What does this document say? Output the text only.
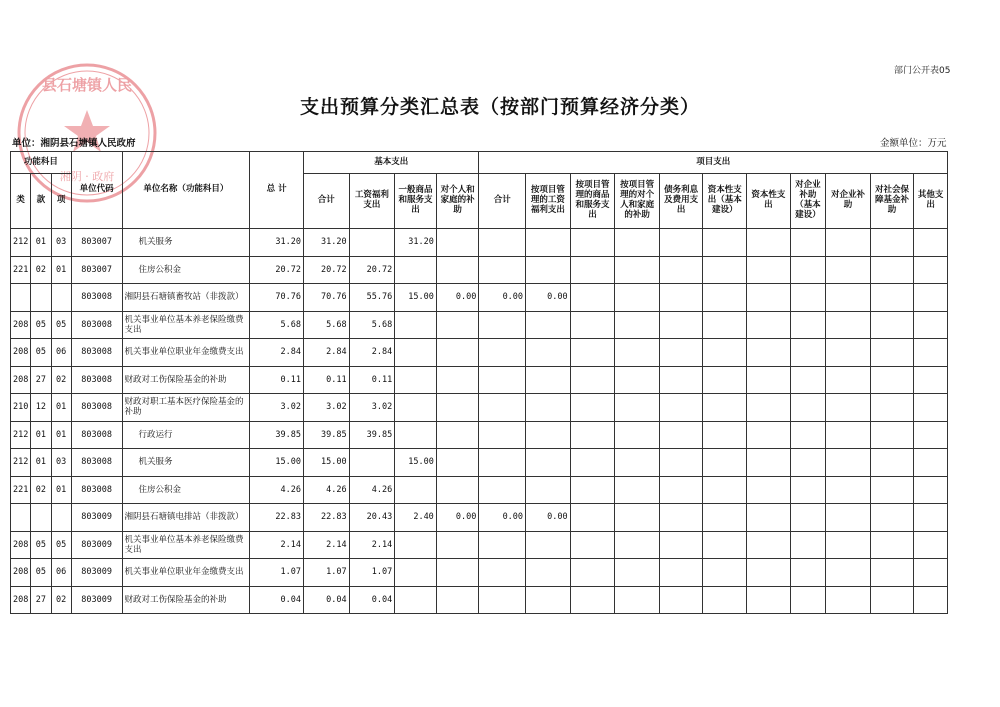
部门公开表05
县石塘镇人民
湘阴 · 政府
支出预算分类汇总表（按部门预算经济分类）
单位：湘阴县石塘镇人民政府	金额单位：万元
功能科目			单位代码	单位名称（功能科目）	总 计	基本支出				项目支出										
类	款	项				合计	工资福利支出	一般商品和服务支出	对个人和家庭的补助	合计	按项目管理的工资福利支出	按项目管理的商品和服务支出	按项目管理的对个人和家庭的补助	债务利息及费用支出	资本性支出（基本建设）	资本性支出	对企业补助（基本建设）	对企业补助	对社会保障基金补助	其他支出
212	01	03	803007	机关服务	31.20	31.20		31.20												
221	02	01	803007	住房公积金	20.72	20.72	20.72													
			803008	湘阴县石塘镇畜牧站（非拨款）	70.76	70.76	55.76	15.00	0.00	0.00	0.00									
208	05	05	803008	机关事业单位基本养老保险缴费支出	5.68	5.68	5.68													
208	05	06	803008	机关事业单位职业年金缴费支出	2.84	2.84	2.84													
208	27	02	803008	财政对工伤保险基金的补助	0.11	0.11	0.11													
210	12	01	803008	财政对职工基本医疗保险基金的补助	3.02	3.02	3.02													
212	01	01	803008	行政运行	39.85	39.85	39.85													
212	01	03	803008	机关服务	15.00	15.00		15.00												
221	02	01	803008	住房公积金	4.26	4.26	4.26													
			803009	湘阴县石塘镇电排站（非拨款）	22.83	22.83	20.43	2.40	0.00	0.00	0.00									
208	05	05	803009	机关事业单位基本养老保险缴费支出	2.14	2.14	2.14													
208	05	06	803009	机关事业单位职业年金缴费支出	1.07	1.07	1.07													
208	27	02	803009	财政对工伤保险基金的补助	0.04	0.04	0.04													
